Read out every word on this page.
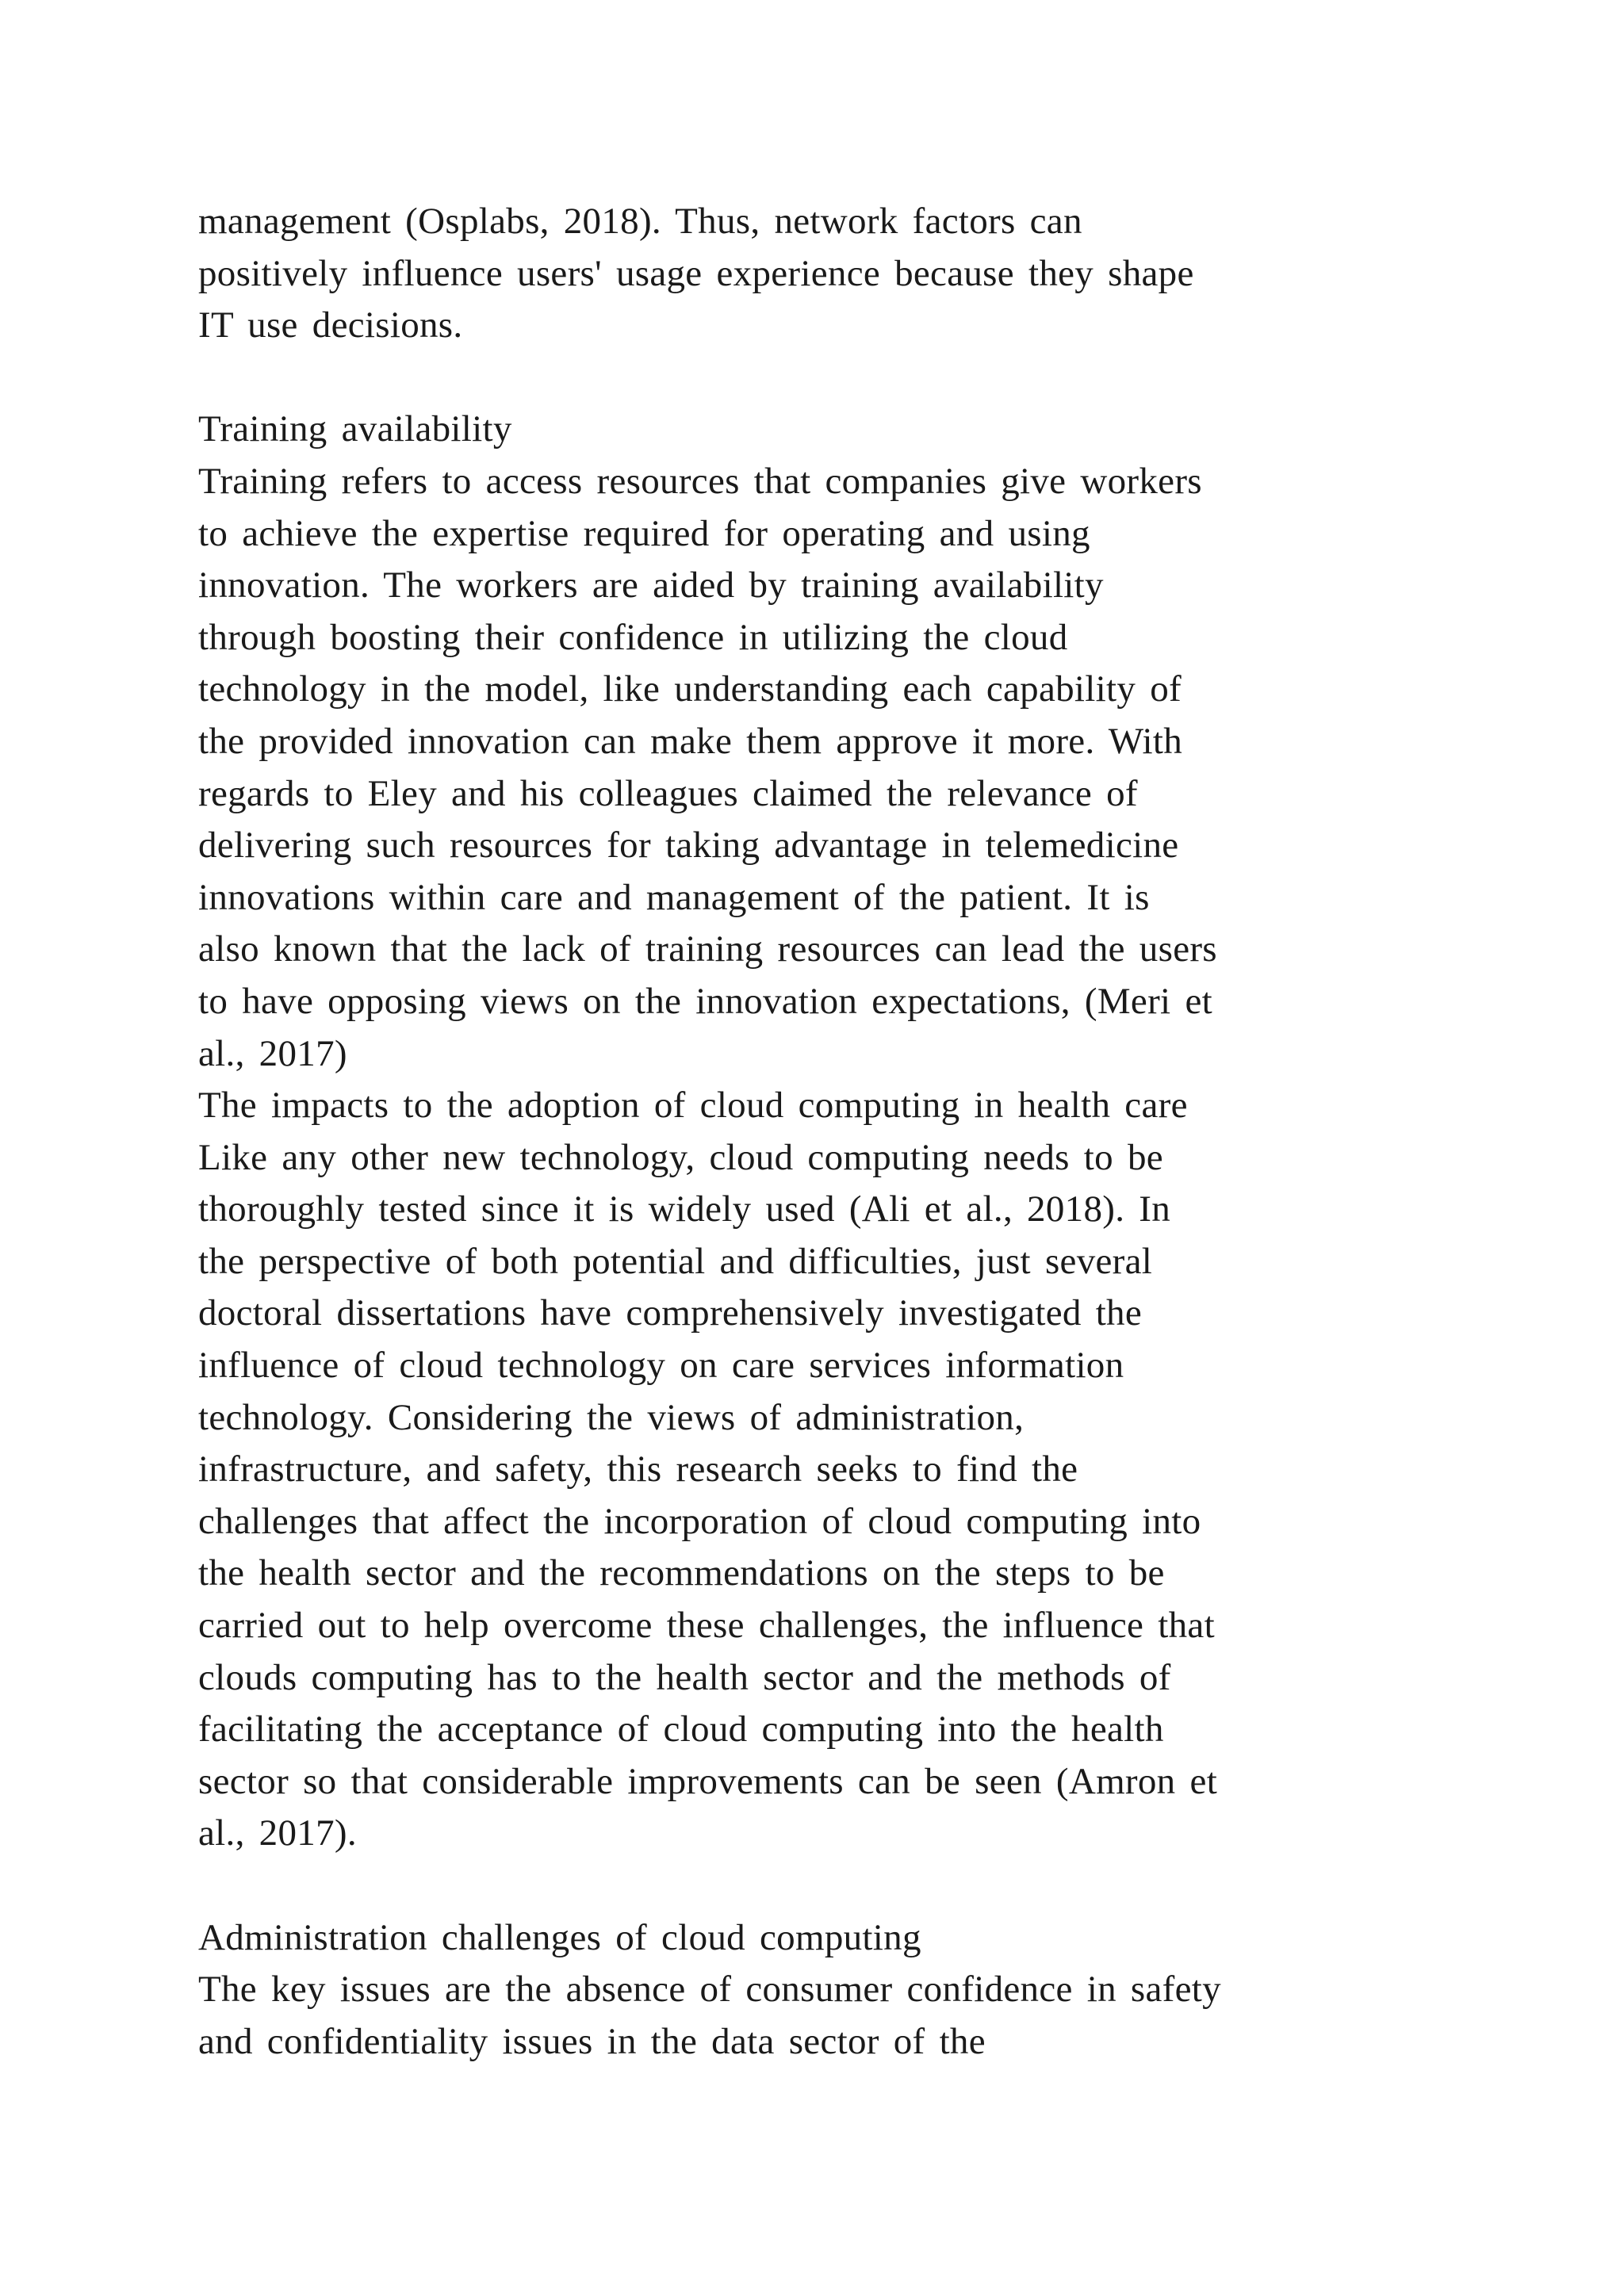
management (Osplabs, 2018). Thus, network factors can
positively influence users' usage experience because they shape
IT use decisions.
Training availability
Training refers to access resources that companies give workers
to achieve the expertise required for operating and using
innovation. The workers are aided by training availability
through boosting their confidence in utilizing the cloud
technology in the model, like understanding each capability of
the provided innovation can make them approve it more. With
regards to Eley and his colleagues claimed the relevance of
delivering such resources for taking advantage in telemedicine
innovations within care and management of the patient. It is
also known that the lack of training resources can lead the users
to have opposing views on the innovation expectations, (Meri et
al., 2017)
The impacts to the adoption of cloud computing in health care
Like any other new technology, cloud computing needs to be
thoroughly tested since it is widely used (Ali et al., 2018). In
the perspective of both potential and difficulties, just several
doctoral dissertations have comprehensively investigated the
influence of cloud technology on care services information
technology. Considering the views of administration,
infrastructure, and safety, this research seeks to find the
challenges that affect the incorporation of cloud computing into
the health sector and the recommendations on the steps to be
carried out to help overcome these challenges, the influence that
clouds computing has to the health sector and the methods of
facilitating the acceptance of cloud computing into the health
sector so that considerable improvements can be seen (Amron et
al., 2017).
Administration challenges of cloud computing
The key issues are the absence of consumer confidence in safety
and confidentiality issues in the data sector of the
